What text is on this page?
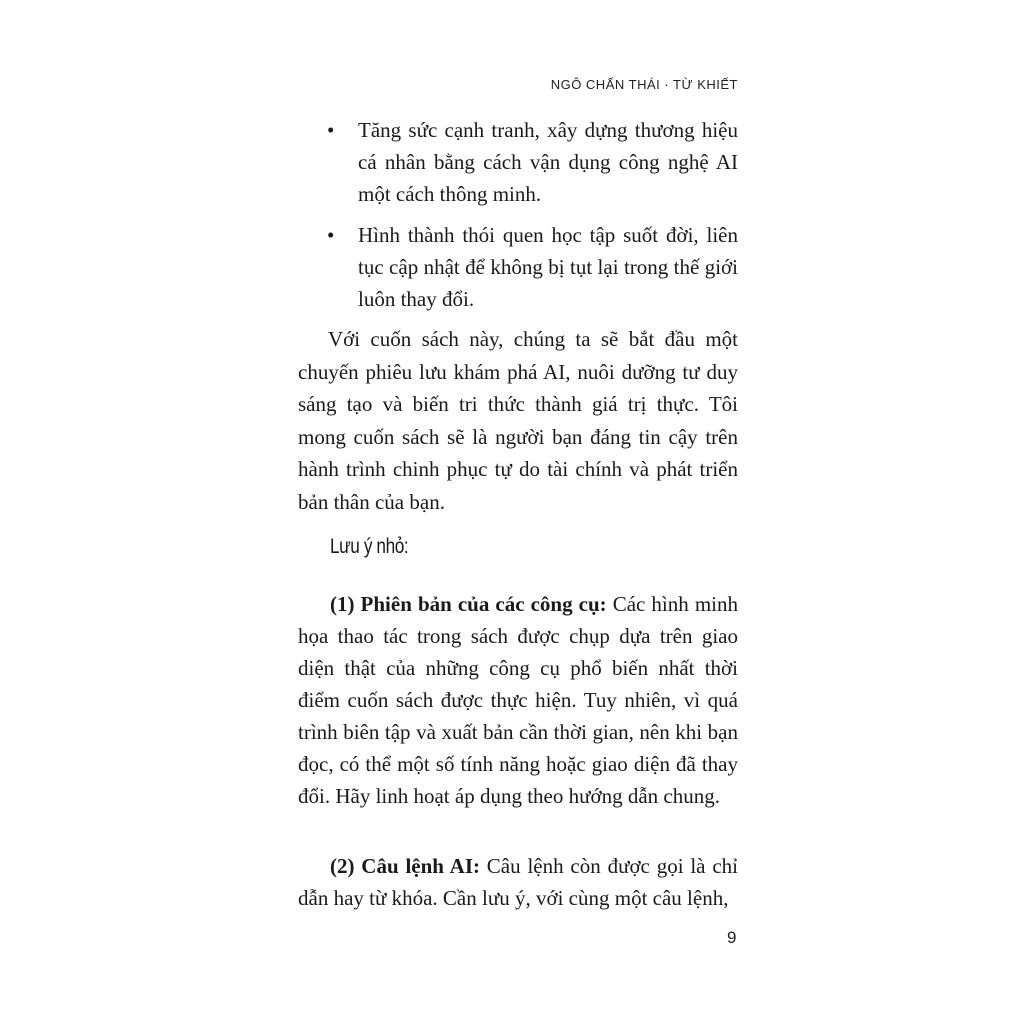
NGÔ CHẤN THÁI · TỪ KHIẾT
• Tăng sức cạnh tranh, xây dựng thương hiệu cá nhân bằng cách vận dụng công nghệ AI một cách thông minh.
• Hình thành thói quen học tập suốt đời, liên tục cập nhật để không bị tụt lại trong thế giới luôn thay đổi.
Với cuốn sách này, chúng ta sẽ bắt đầu một chuyến phiêu lưu khám phá AI, nuôi dưỡng tư duy sáng tạo và biến tri thức thành giá trị thực. Tôi mong cuốn sách sẽ là người bạn đáng tin cậy trên hành trình chinh phục tự do tài chính và phát triển bản thân của bạn.
Lưu ý nhỏ:
(1) Phiên bản của các công cụ: Các hình minh họa thao tác trong sách được chụp dựa trên giao diện thật của những công cụ phổ biến nhất thời điểm cuốn sách được thực hiện. Tuy nhiên, vì quá trình biên tập và xuất bản cần thời gian, nên khi bạn đọc, có thể một số tính năng hoặc giao diện đã thay đổi. Hãy linh hoạt áp dụng theo hướng dẫn chung.
(2) Câu lệnh AI: Câu lệnh còn được gọi là chỉ dẫn hay từ khóa. Cần lưu ý, với cùng một câu lệnh,
9
